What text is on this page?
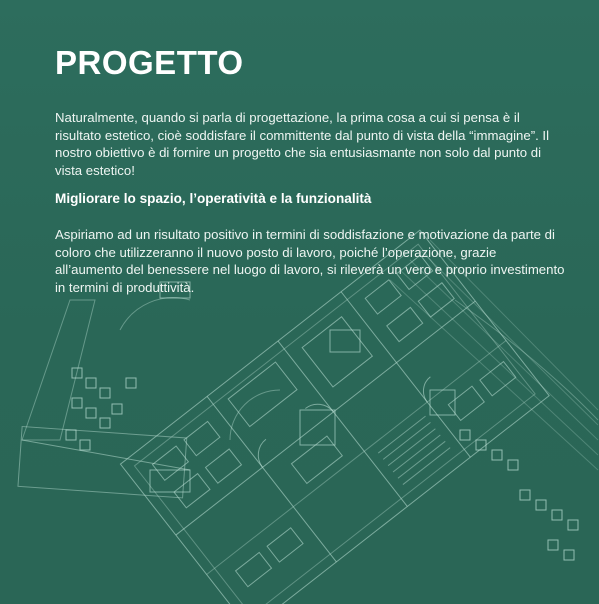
PROGETTO
Naturalmente, quando si parla di progettazione, la prima cosa a cui si pensa è il risultato estetico, cioè soddisfare il committente dal punto di vista della “immagine”. Il nostro obiettivo è di fornire un progetto che sia entusiasmante non solo dal punto di vista estetico!
Migliorare lo spazio, l’operatività e la funzionalità
Aspiriamo ad un risultato positivo in termini di soddisfazione e motivazione da parte di coloro che utilizzeranno il nuovo posto di lavoro, poiché l’operazione, grazie all’aumento del benessere nel luogo di lavoro, si rileverà un vero e proprio investimento in termini di produttività.
